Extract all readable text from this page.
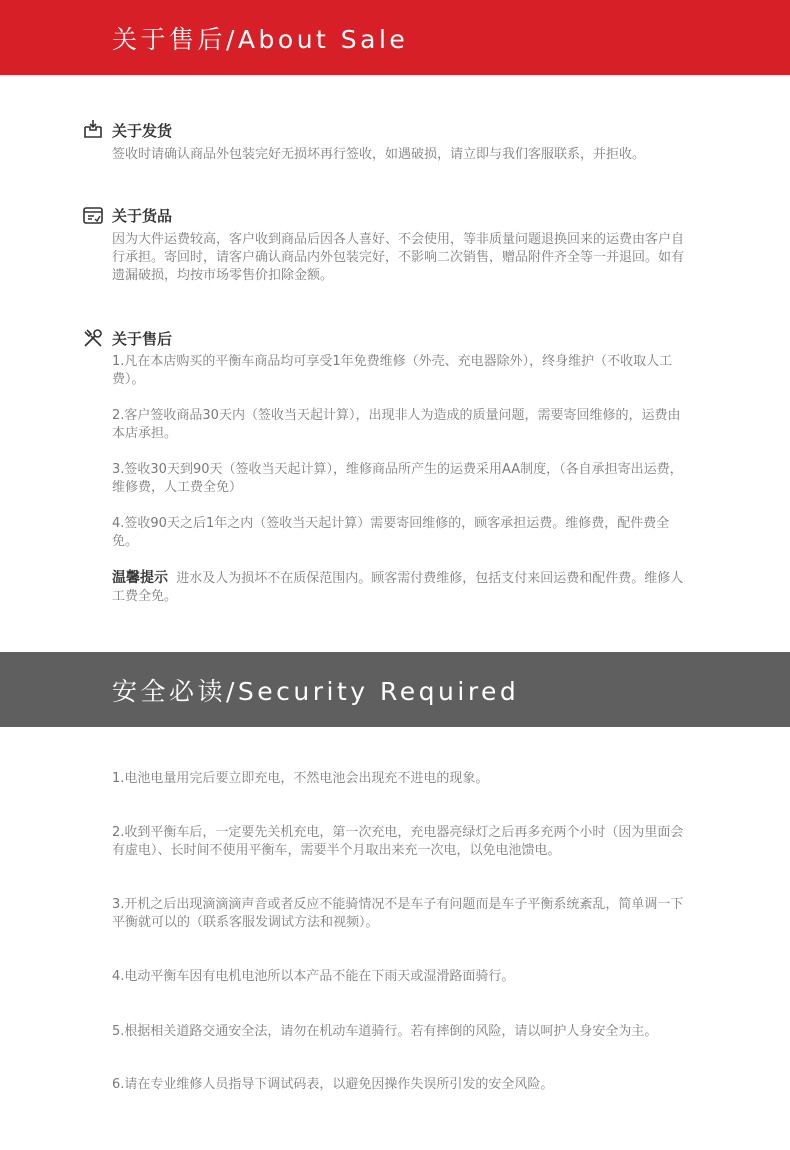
关于售后/About Sale
关于发货
签收时请确认商品外包装完好无损坏再行签收，如遇破损，请立即与我们客服联系，并拒收。
关于货品
因为大件运费较高，客户收到商品后因各人喜好、不会使用，等非质量问题退换回来的运费由客户自行承担。寄回时，请客户确认商品内外包装完好，不影响二次销售，赠品附件齐全等一并退回。如有遗漏破损，均按市场零售价扣除金额。
关于售后
1.凡在本店购买的平衡车商品均可享受1年免费维修（外壳、充电器除外），终身维护（不收取人工费）。
2.客户签收商品30天内（签收当天起计算），出现非人为造成的质量问题，需要寄回维修的，运费由本店承担。
3.签收30天到90天（签收当天起计算），维修商品所产生的运费采用AA制度，（各自承担寄出运费，维修费，人工费全免）
4.签收90天之后1年之内（签收当天起计算）需要寄回维修的，顾客承担运费。维修费，配件费全免。
温馨提示 进水及人为损坏不在质保范围内。顾客需付费维修，包括支付来回运费和配件费。维修人工费全免。
安全必读/Security Required
1.电池电量用完后要立即充电，不然电池会出现充不进电的现象。
2.收到平衡车后，一定要先关机充电，第一次充电，充电器亮绿灯之后再多充两个小时（因为里面会有虚电）、长时间不使用平衡车，需要半个月取出来充一次电，以免电池馈电。
3.开机之后出现滴滴滴声音或者反应不能骑情况不是车子有问题而是车子平衡系统紊乱，简单调一下平衡就可以的（联系客服发调试方法和视频）。
4.电动平衡车因有电机电池所以本产品不能在下雨天或湿滑路面骑行。
5.根据相关道路交通安全法，请勿在机动车道骑行。若有摔倒的风险，请以呵护人身安全为主。
6.请在专业维修人员指导下调试码表，以避免因操作失误所引发的安全风险。
